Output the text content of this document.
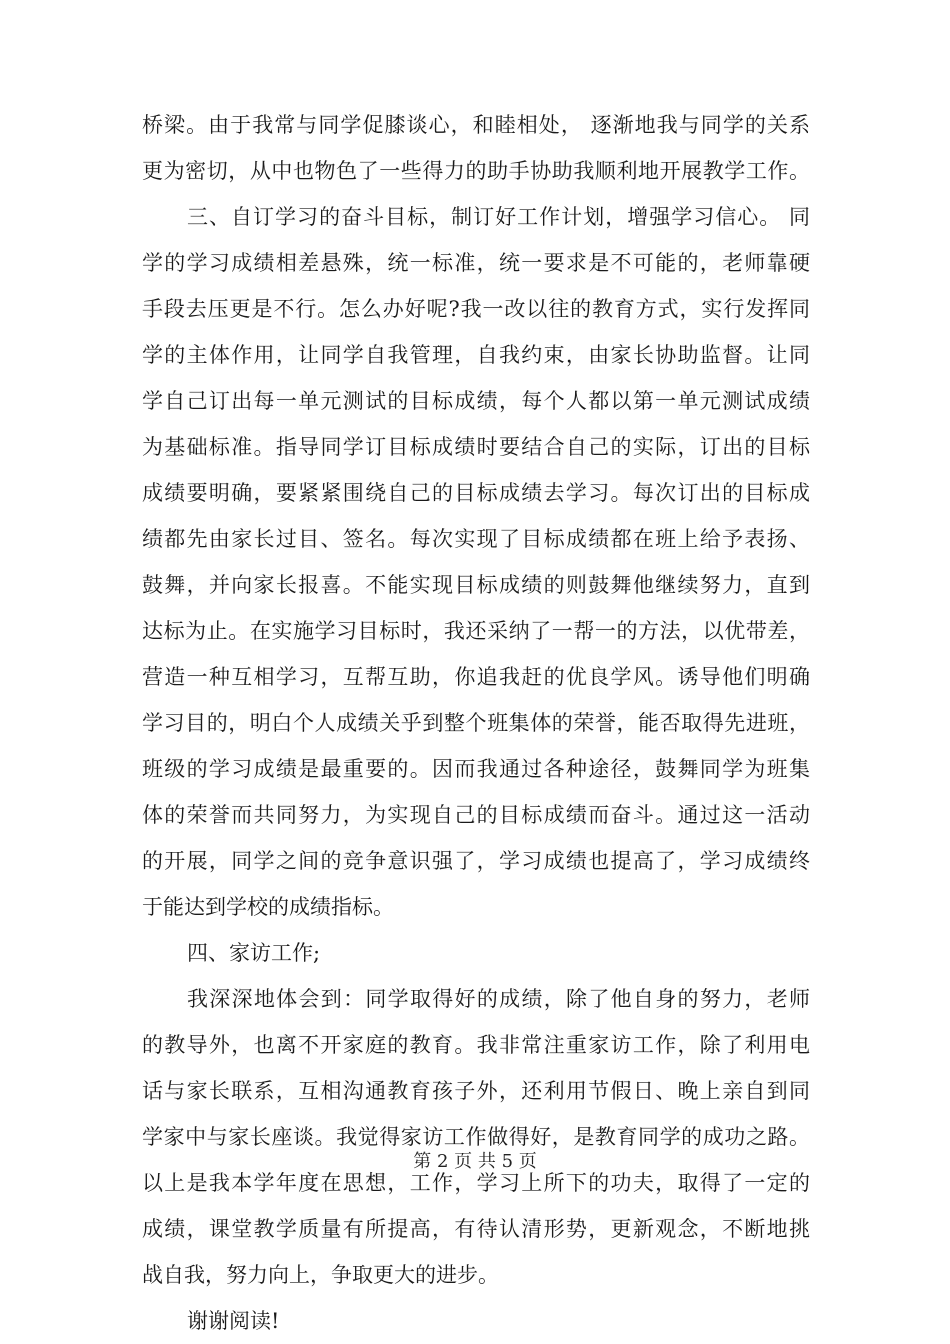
桥梁。由于我常与同学促膝谈心，和睦相处， 逐渐地我与同学的关系
更为密切，从中也物色了一些得力的助手协助我顺利地开展教学工作。
三、自订学习的奋斗目标，制订好工作计划，增强学习信心。 同
学的学习成绩相差悬殊，统一标准，统一要求是不可能的，老师靠硬
手段去压更是不行。怎么办好呢?我一改以往的教育方式，实行发挥同
学的主体作用，让同学自我管理，自我约束，由家长协助监督。让同
学自己订出每一单元测试的目标成绩，每个人都以第一单元测试成绩
为基础标准。指导同学订目标成绩时要结合自己的实际，订出的目标
成绩要明确，要紧紧围绕自己的目标成绩去学习。每次订出的目标成
绩都先由家长过目、签名。每次实现了目标成绩都在班上给予表扬、
鼓舞，并向家长报喜。不能实现目标成绩的则鼓舞他继续努力，直到
达标为止。在实施学习目标时，我还采纳了一帮一的方法，以优带差，
营造一种互相学习，互帮互助，你追我赶的优良学风。诱导他们明确
学习目的，明白个人成绩关乎到整个班集体的荣誉，能否取得先进班，
班级的学习成绩是最重要的。因而我通过各种途径，鼓舞同学为班集
体的荣誉而共同努力，为实现自己的目标成绩而奋斗。通过这一活动
的开展，同学之间的竞争意识强了，学习成绩也提高了，学习成绩终
于能达到学校的成绩指标。
四、家访工作;
我深深地体会到：同学取得好的成绩，除了他自身的努力，老师
的教导外，也离不开家庭的教育。我非常注重家访工作，除了利用电
话与家长联系，互相沟通教育孩子外，还利用节假日、晚上亲自到同
学家中与家长座谈。我觉得家访工作做得好，是教育同学的成功之路。
以上是我本学年度在思想，工作，学习上所下的功夫，取得了一定的
成绩，课堂教学质量有所提高，有待认清形势，更新观念，不断地挑
战自我，努力向上，争取更大的进步。
谢谢阅读!
第 2 页 共 5 页
